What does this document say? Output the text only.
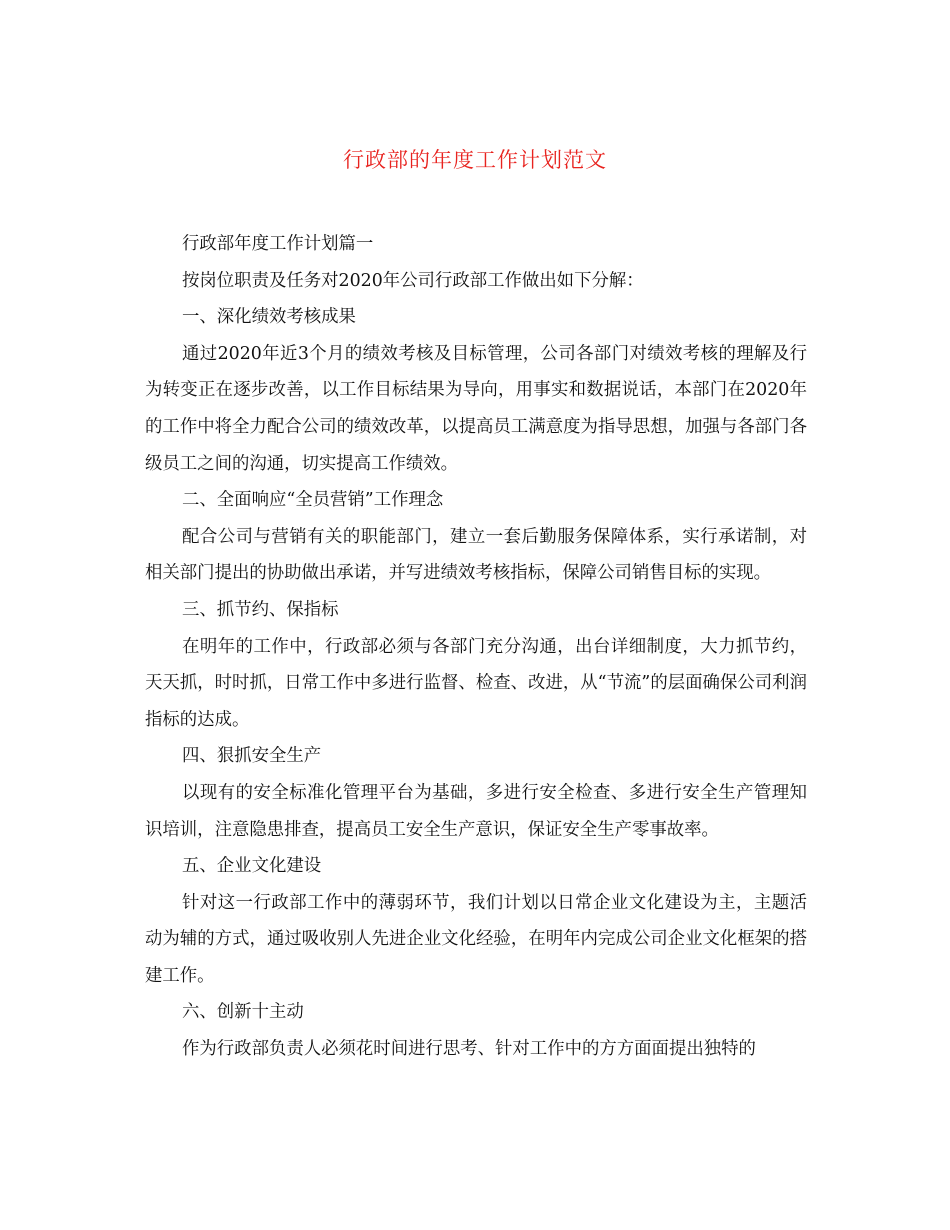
行政部的年度工作计划范文

行政部年度工作计划篇一

按岗位职责及任务对2020年公司行政部工作做出如下分解：

一、深化绩效考核成果

通过2020年近3个月的绩效考核及目标管理，公司各部门对绩效考核的理解及行为转变正在逐步改善，以工作目标结果为导向，用事实和数据说话，本部门在2020年的工作中将全力配合公司的绩效改革，以提高员工满意度为指导思想，加强与各部门各级员工之间的沟通，切实提高工作绩效。

二、全面响应“全员营销”工作理念

配合公司与营销有关的职能部门，建立一套后勤服务保障体系，实行承诺制，对相关部门提出的协助做出承诺，并写进绩效考核指标，保障公司销售目标的实现。

三、抓节约、保指标

在明年的工作中，行政部必须与各部门充分沟通，出台详细制度，大力抓节约，天天抓，时时抓，日常工作中多进行监督、检查、改进，从“节流”的层面确保公司利润指标的达成。

四、狠抓安全生产

以现有的安全标准化管理平台为基础，多进行安全检查、多进行安全生产管理知识培训，注意隐患排查，提高员工安全生产意识，保证安全生产零事故率。

五、企业文化建设

针对这一行政部工作中的薄弱环节，我们计划以日常企业文化建设为主，主题活动为辅的方式，通过吸收别人先进企业文化经验，在明年内完成公司企业文化框架的搭建工作。

六、创新十主动

作为行政部负责人必须花时间进行思考、针对工作中的方方面面提出独特的
